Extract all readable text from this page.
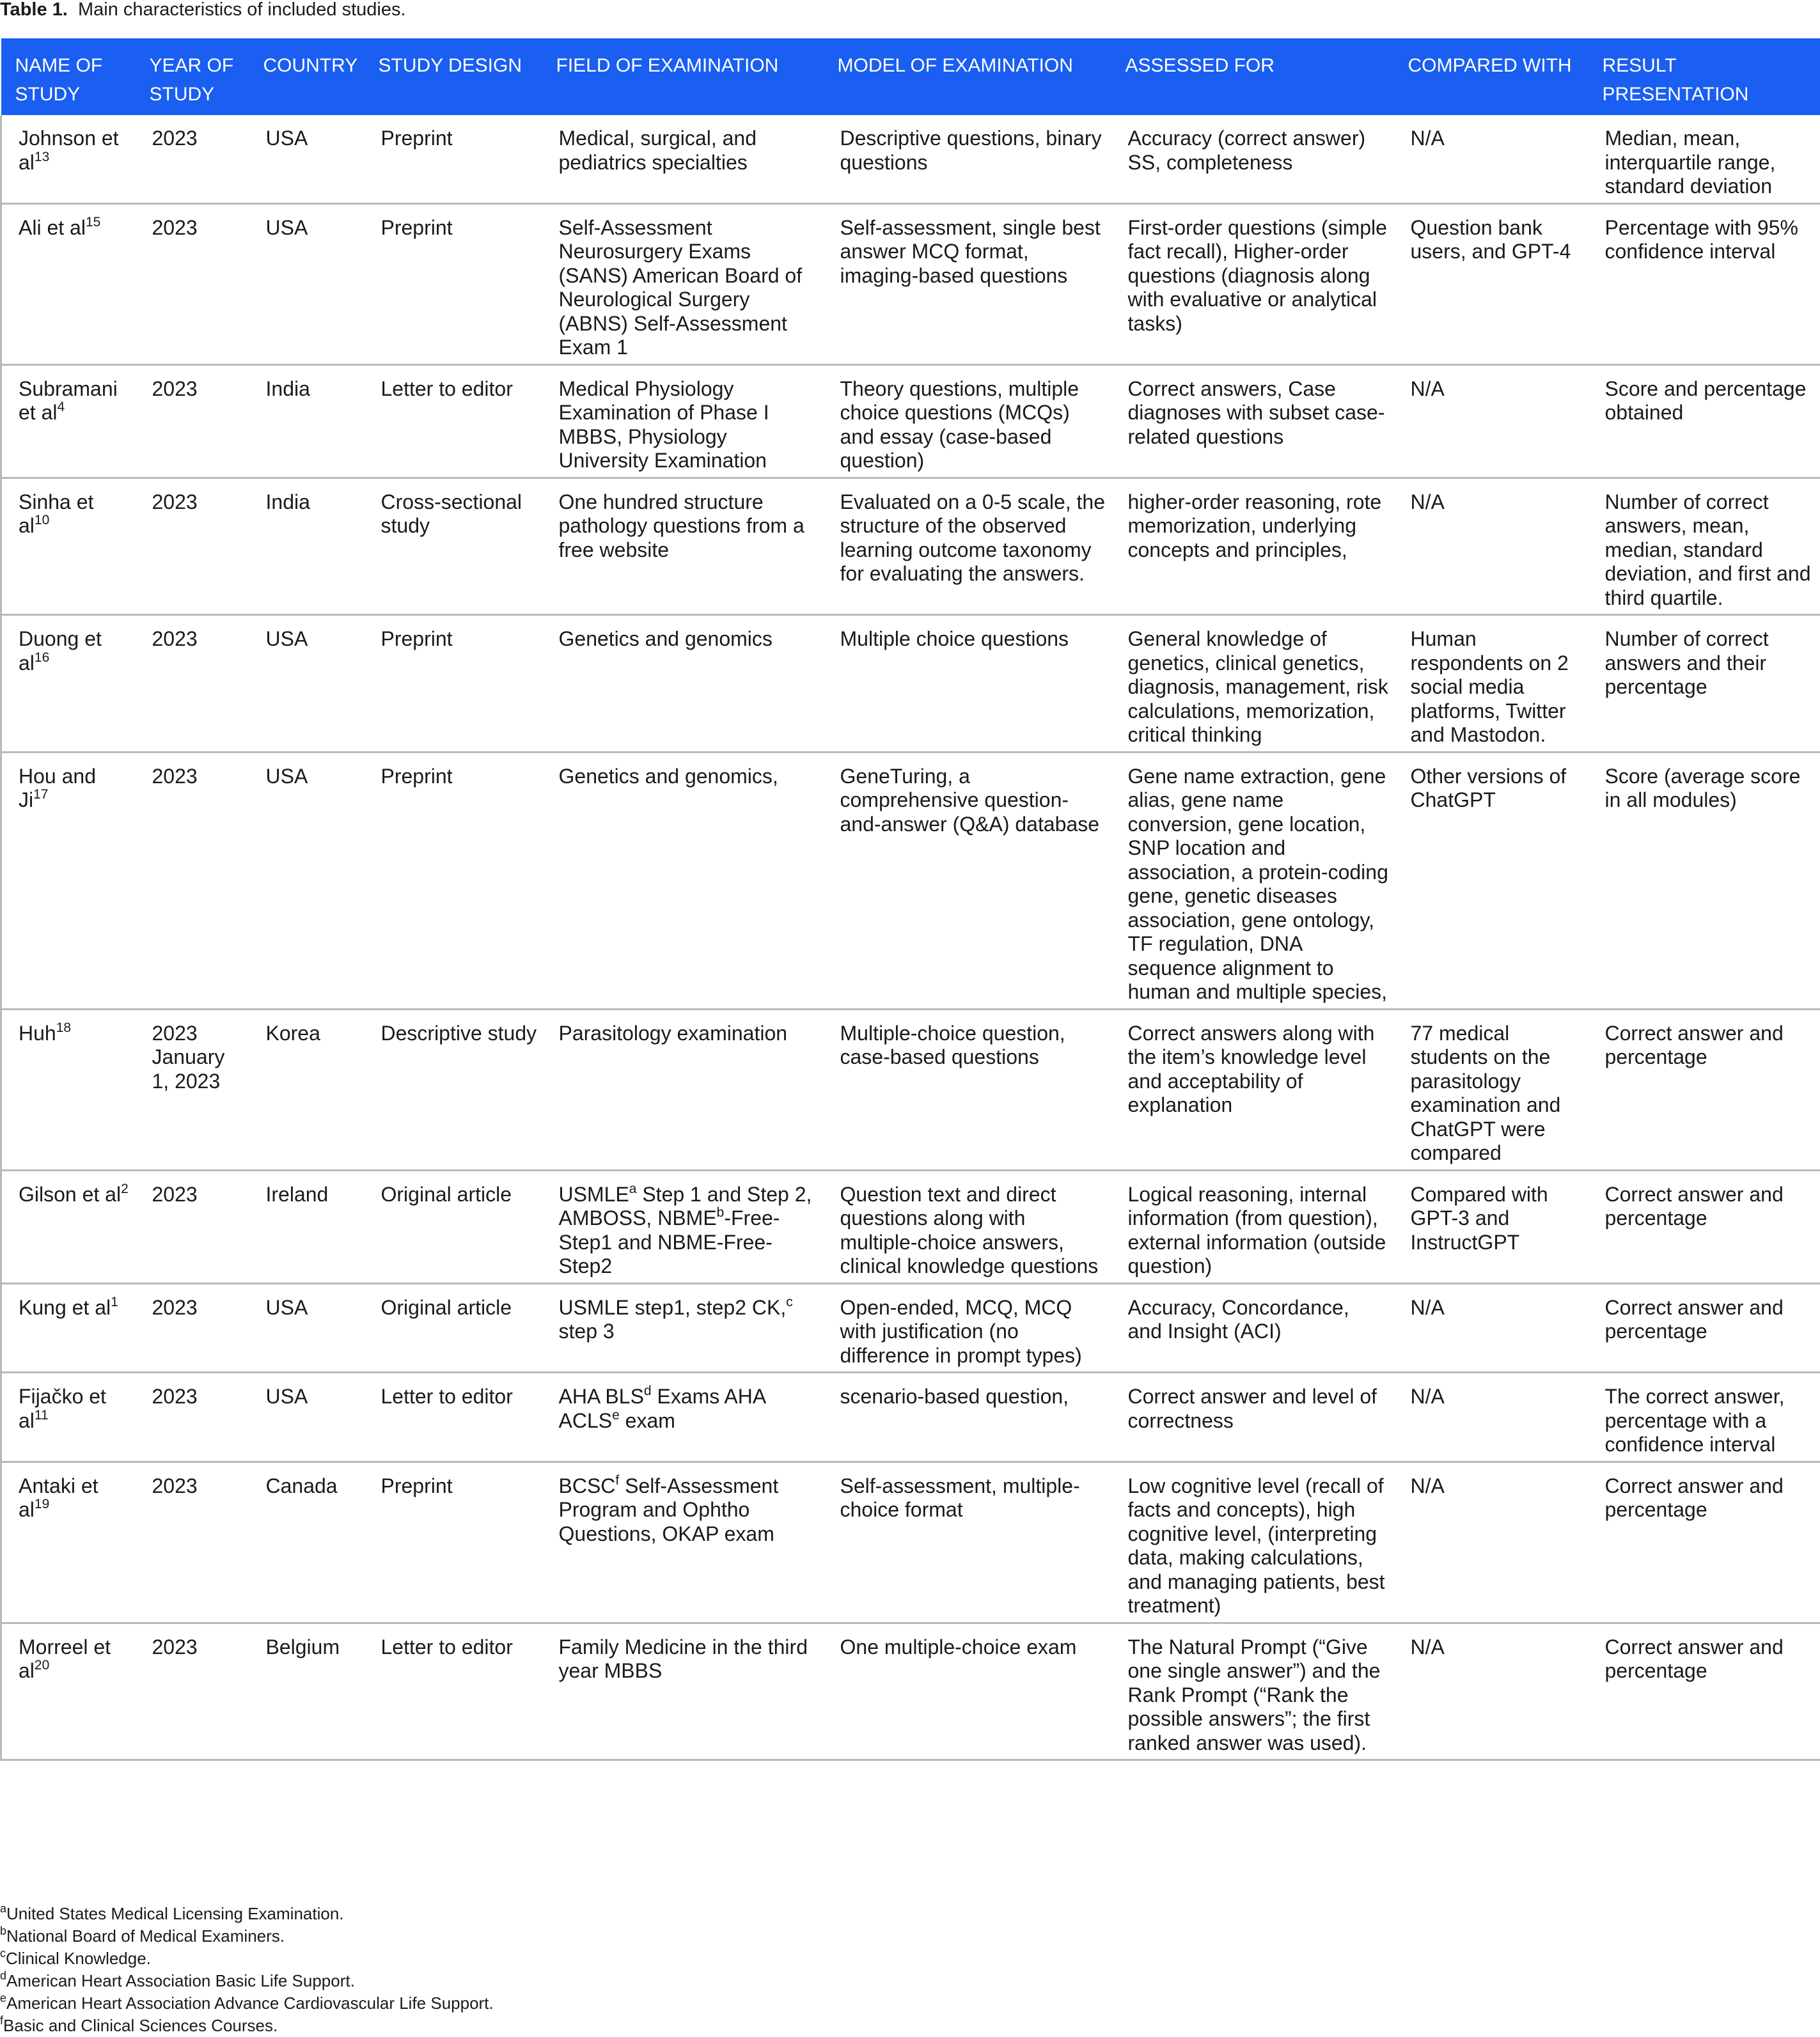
Table 1. Main characteristics of included studies.
NAME OF STUDY	YEAR OF STUDY	COUNTRY	STUDY DESIGN	FIELD OF EXAMINATION	MODEL OF EXAMINATION	ASSESSED FOR	COMPARED WITH	RESULT PRESENTATION
Johnson et $al^{13}$	2023	USA	Preprint	Medical, surgical, and pediatrics specialties	Descriptive questions, binary questions	Accuracy (correct answer) SS, completeness	N/A	Median, mean, interquartile range, standard deviation
Ali et $al^{15}$	2023	USA	Preprint	Self-Assessment Neurosurgery Exams (SANS) American Board of Neurological Surgery (ABNS) Self-Assessment Exam 1	Self-assessment, single best answer MCQ format, imaging-based questions	First-order questions (simple fact recall), Higher-order questions (diagnosis along with evaluative or analytical tasks)	Question bank users, and GPT-4	Percentage with 95% confidence interval
Subramani et $al^4$	2023	India	Letter to editor	Medical Physiology Examination of Phase I MBBS, Physiology University Examination	Theory questions, multiple choice questions (MCQs) and essay (case-based question)	Correct answers, Case diagnoses with subset case-related questions	N/A	Score and percentage obtained
Sinha et $al^{10}$	2023	India	Cross-sectional study	One hundred structure pathology questions from a free website	Evaluated on a 0-5 scale, the structure of the observed learning outcome taxonomy for evaluating the answers.	higher-order reasoning, rote memorization, underlying concepts and principles,	N/A	Number of correct answers, mean, median, standard deviation, and first and third quartile.
Duong et $al^{16}$	2023	USA	Preprint	Genetics and genomics	Multiple choice questions	General knowledge of genetics, clinical genetics, diagnosis, management, risk calculations, memorization, critical thinking	Human respondents on 2 social media platforms, Twitter and Mastodon.	Number of correct answers and their percentage
Hou and Ji$^{17}$	2023	USA	Preprint	Genetics and genomics,	GeneTuring, a comprehensive question-and-answer (Q&A) database	Gene name extraction, gene alias, gene name conversion, gene location, SNP location and association, a protein-coding gene, genetic diseases association, gene ontology, TF regulation, DNA sequence alignment to human and multiple species,	Other versions of ChatGPT	Score (average score in all modules)
Huh$^{18}$	2023 January 1, 2023	Korea	Descriptive study	Parasitology examination	Multiple-choice question, case-based questions	Correct answers along with the item’s knowledge level and acceptability of explanation	77 medical students on the parasitology examination and ChatGPT were compared	Correct answer and percentage
Gilson et $al^2$	2023	Ireland	Original article	USMLE$^a$ Step 1 and Step 2, AMBOSS, NBME$^b$-Free-Step1 and NBME-Free-Step2	Question text and direct questions along with multiple-choice answers, clinical knowledge questions	Logical reasoning, internal information (from question), external information (outside question)	Compared with GPT-3 and InstructGPT	Correct answer and percentage
Kung et $al^1$	2023	USA	Original article	USMLE step1, step2 CK,$^c$ step 3	Open-ended, MCQ, MCQ with justification (no difference in prompt types)	Accuracy, Concordance, and Insight (ACI)	N/A	Correct answer and percentage
Fijačko et $al^{11}$	2023	USA	Letter to editor	AHA BLS$^d$ Exams AHA ACLS$^e$ exam	scenario-based question,	Correct answer and level of correctness	N/A	The correct answer, percentage with a confidence interval
Antaki et $al^{19}$	2023	Canada	Preprint	BCSC$^f$ Self-Assessment Program and Ophtho Questions, OKAP exam	Self-assessment, multiple-choice format	Low cognitive level (recall of facts and concepts), high cognitive level, (interpreting data, making calculations, and managing patients, best treatment)	N/A	Correct answer and percentage
Morreel et $al^{20}$	2023	Belgium	Letter to editor	Family Medicine in the third year MBBS	One multiple-choice exam	The Natural Prompt (“Give one single answer”) and the Rank Prompt (“Rank the possible answers”; the first ranked answer was used).	N/A	Correct answer and percentage
$^a$United States Medical Licensing Examination.
$^b$National Board of Medical Examiners.
$^c$Clinical Knowledge.
$^d$American Heart Association Basic Life Support.
$^e$American Heart Association Advance Cardiovascular Life Support.
$^f$Basic and Clinical Sciences Courses.
